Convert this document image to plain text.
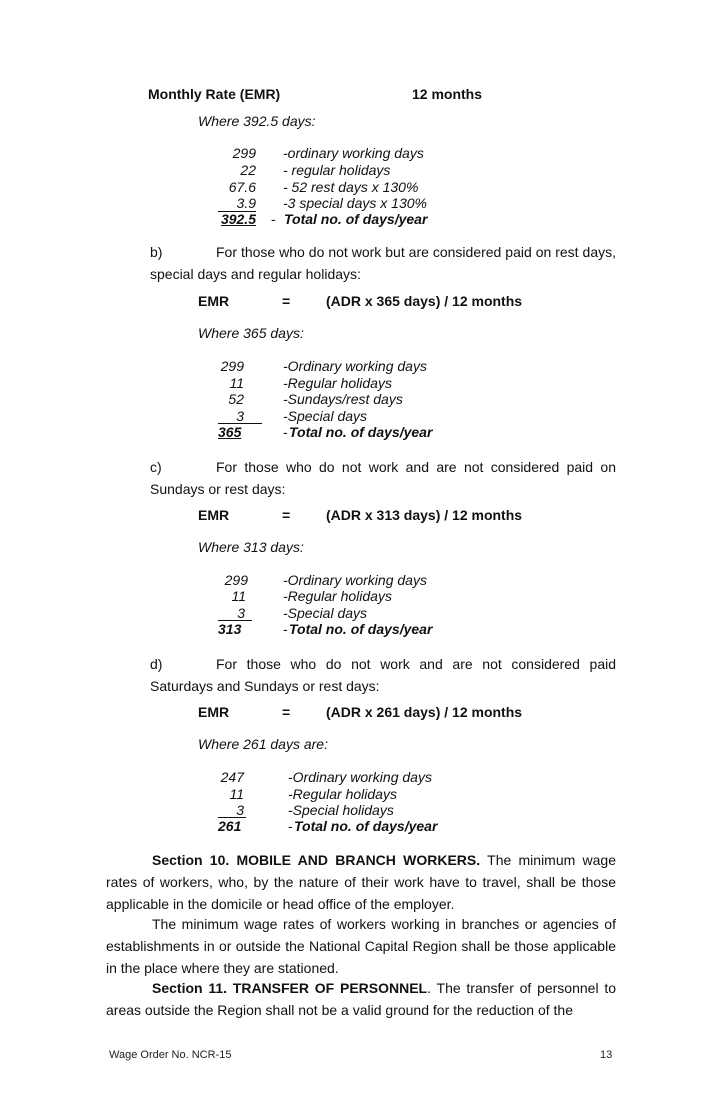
Monthly Rate (EMR)	12 months
Where 392.5 days:
299 -ordinary working days
22 - regular holidays
67.6 - 52 rest days x 130%
3.9 -3 special days x 130%
392.5 - Total no. of days/year
b)	For those who do not work but are considered paid on rest days, special days and regular holidays:
EMR	=	(ADR x 365 days) / 12 months
Where 365 days:
299	-Ordinary working days
11	-Regular holidays
52	-Sundays/rest days
3	-Special days
365	- Total no. of days/year
c)	For those who do not work and are not considered paid on Sundays or rest days:
EMR	=	(ADR x 313 days) / 12 months
Where 313 days:
299	-Ordinary working days
11	-Regular holidays
3	-Special days
313	- Total no. of days/year
d)	For those who do not work and are not considered paid Saturdays and Sundays or rest days:
EMR	=	(ADR x 261 days) / 12 months
Where 261 days are:
247	-Ordinary working days
11	-Regular holidays
3	-Special holidays
261	- Total no. of days/year
Section 10. MOBILE AND BRANCH WORKERS. The minimum wage rates of workers, who, by the nature of their work have to travel, shall be those applicable in the domicile or head office of the employer.
The minimum wage rates of workers working in branches or agencies of establishments in or outside the National Capital Region shall be those applicable in the place where they are stationed.
Section 11. TRANSFER OF PERSONNEL. The transfer of personnel to areas outside the Region shall not be a valid ground for the reduction of the
Wage Order No. NCR-15	13
